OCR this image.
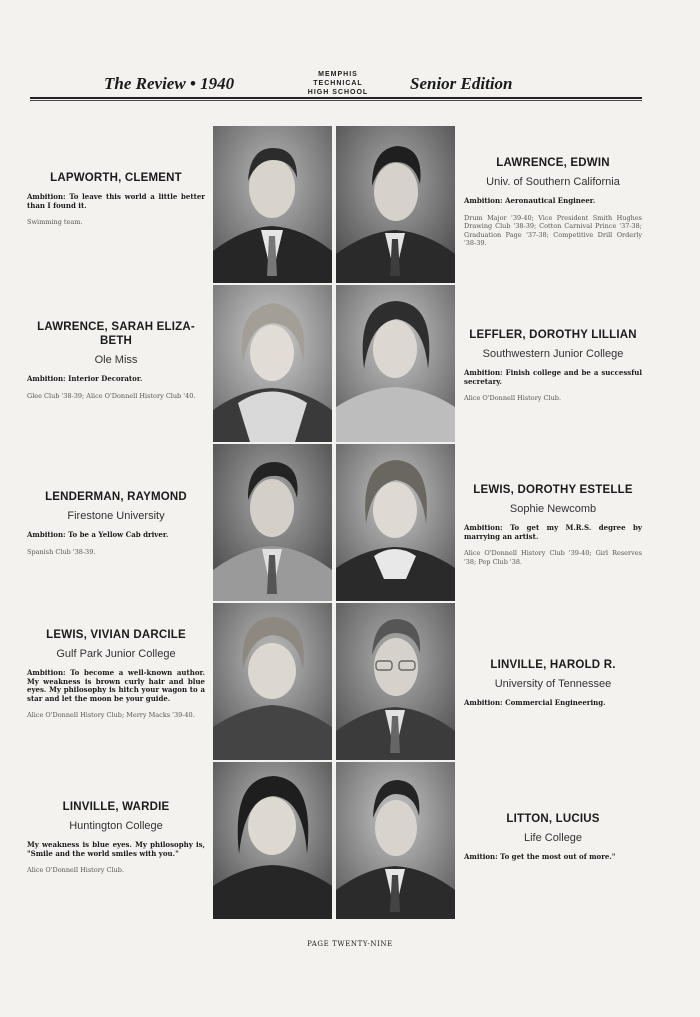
The Review • 1940	MEMPHIS
TECHNICAL
HIGH SCHOOL	Senior Edition
LAPWORTH, CLEMENT
Ambition: To leave this world a little better than I found it.
Swimming team.
LAWRENCE, EDWIN
Univ. of Southern California
Ambition: Aeronautical Engineer.
Drum Major '39-40; Vice President Smith Hughes Drawing Club '38-39; Cotton Carnival Prince '37-38; Graduation Page '37-38; Competitive Drill Orderly '38-39.
LAWRENCE, SARAH ELIZA-BETH
Ole Miss
Ambition: Interior Decorator.
Glee Club '38-39; Alice O'Donnell History Club '40.
LEFFLER, DOROTHY LILLIAN
Southwestern Junior College
Ambition: Finish college and be a successful secretary.
Alice O'Donnell History Club.
LENDERMAN, RAYMOND
Firestone University
Ambition: To be a Yellow Cab driver.
Spanish Club '38-39.
LEWIS, DOROTHY ESTELLE
Sophie Newcomb
Ambition: To get my M.R.S. degree by marrying an artist.
Alice O'Donnell History Club '39-40; Girl Reserves '38; Pep Club '38.
LEWIS, VIVIAN DARCILE
Gulf Park Junior College
Ambition: To become a well-known author. My weakness is brown curly hair and blue eyes. My philosophy is hitch your wagon to a star and let the moon be your guide.
Alice O'Donnell History Club; Merry Macks '39-40.
LINVILLE, HAROLD R.
University of Tennessee
Ambition: Commercial Engineering.
LINVILLE, WARDIE
Huntington College
My weakness is blue eyes. My philosophy is, "Smile and the world smiles with you."
Alice O'Donnell History Club.
LITTON, LUCIUS
Life College
Amition: To get the most out of more."
PAGE TWENTY-NINE
